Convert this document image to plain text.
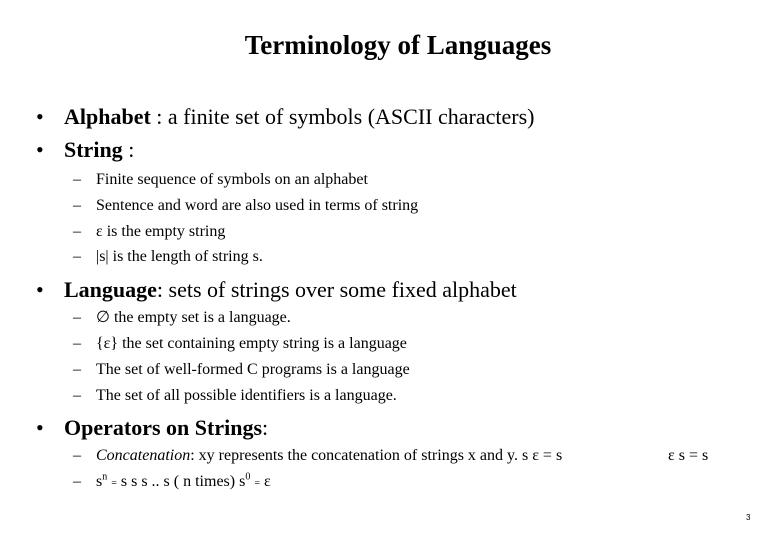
Terminology of Languages
• Alphabet : a finite set of symbols (ASCII characters)
• String :
– Finite sequence of symbols on an alphabet
– Sentence and word are also used in terms of string
– ε is the empty string
– |s| is the length of string s.
• Language: sets of strings over some fixed alphabet
– ∅ the empty set is a language.
– {ε} the set containing empty string is a language
– The set of well-formed C programs is a language
– The set of all possible identifiers is a language.
• Operators on Strings:
– Concatenation: xy represents the concatenation of strings x and y. s ε = s	ε s = s
– $s^n = s$ s s .. s ( n times) $s^0 = \varepsilon$
3
